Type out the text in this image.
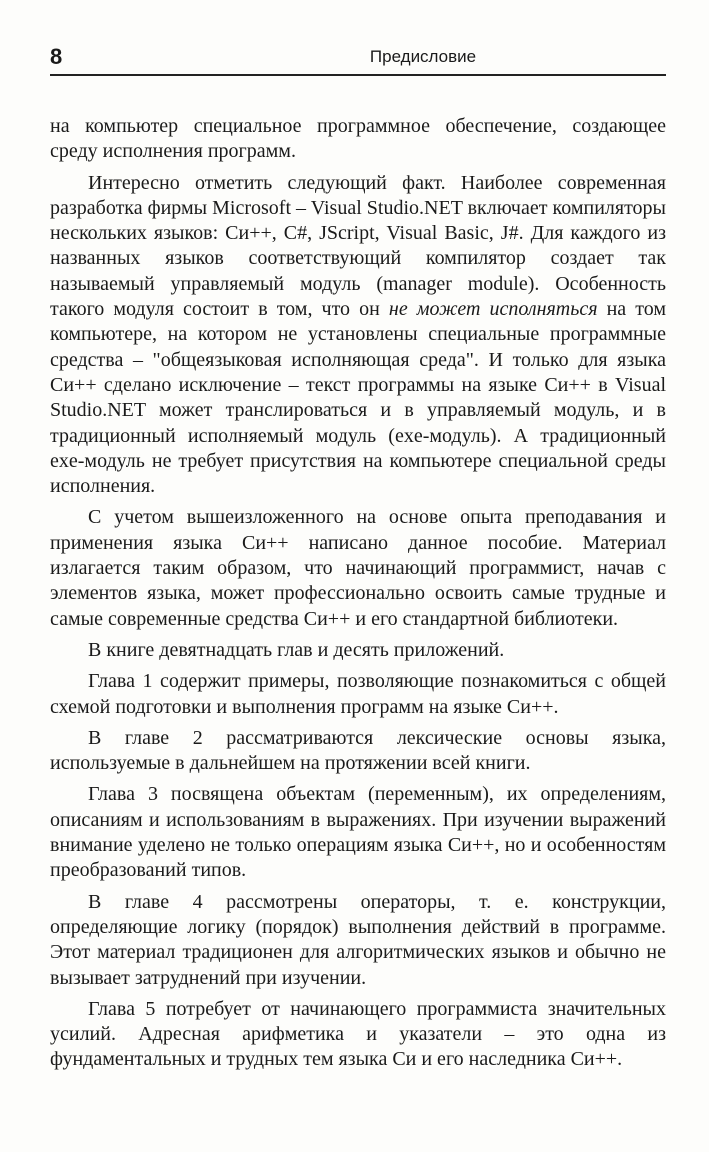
8	Предисловие

на компьютер специальное программное обеспечение, создающее среду исполнения программ.

Интересно отметить следующий факт. Наиболее современная разработка фирмы Microsoft – Visual Studio.NET включает компиляторы нескольких языков: Си++, C#, JScript, Visual Basic, J#. Для каждого из названных языков соответствующий компилятор создает так называемый управляемый модуль (manager module). Особенность такого модуля состоит в том, что он не может исполняться на том компьютере, на котором не установлены специальные программные средства – "общеязыковая исполняющая среда". И только для языка Си++ сделано исключение – текст программы на языке Си++ в Visual Studio.NET может транслироваться и в управляемый модуль, и в традиционный исполняемый модуль (exe-модуль). А традиционный exe-модуль не требует присутствия на компьютере специальной среды исполнения.

С учетом вышеизложенного на основе опыта преподавания и применения языка Си++ написано данное пособие. Материал излагается таким образом, что начинающий программист, начав с элементов языка, может профессионально освоить самые трудные и самые современные средства Си++ и его стандартной библиотеки.

В книге девятнадцать глав и десять приложений.

Глава 1 содержит примеры, позволяющие познакомиться с общей схемой подготовки и выполнения программ на языке Си++.

В главе 2 рассматриваются лексические основы языка, используемые в дальнейшем на протяжении всей книги.

Глава 3 посвящена объектам (переменным), их определениям, описаниям и использованиям в выражениях. При изучении выражений внимание уделено не только операциям языка Си++, но и особенностям преобразований типов.

В главе 4 рассмотрены операторы, т. е. конструкции, определяющие логику (порядок) выполнения действий в программе. Этот материал традиционен для алгоритмических языков и обычно не вызывает затруднений при изучении.

Глава 5 потребует от начинающего программиста значительных усилий. Адресная арифметика и указатели – это одна из фундаментальных и трудных тем языка Си и его наследника Си++.
